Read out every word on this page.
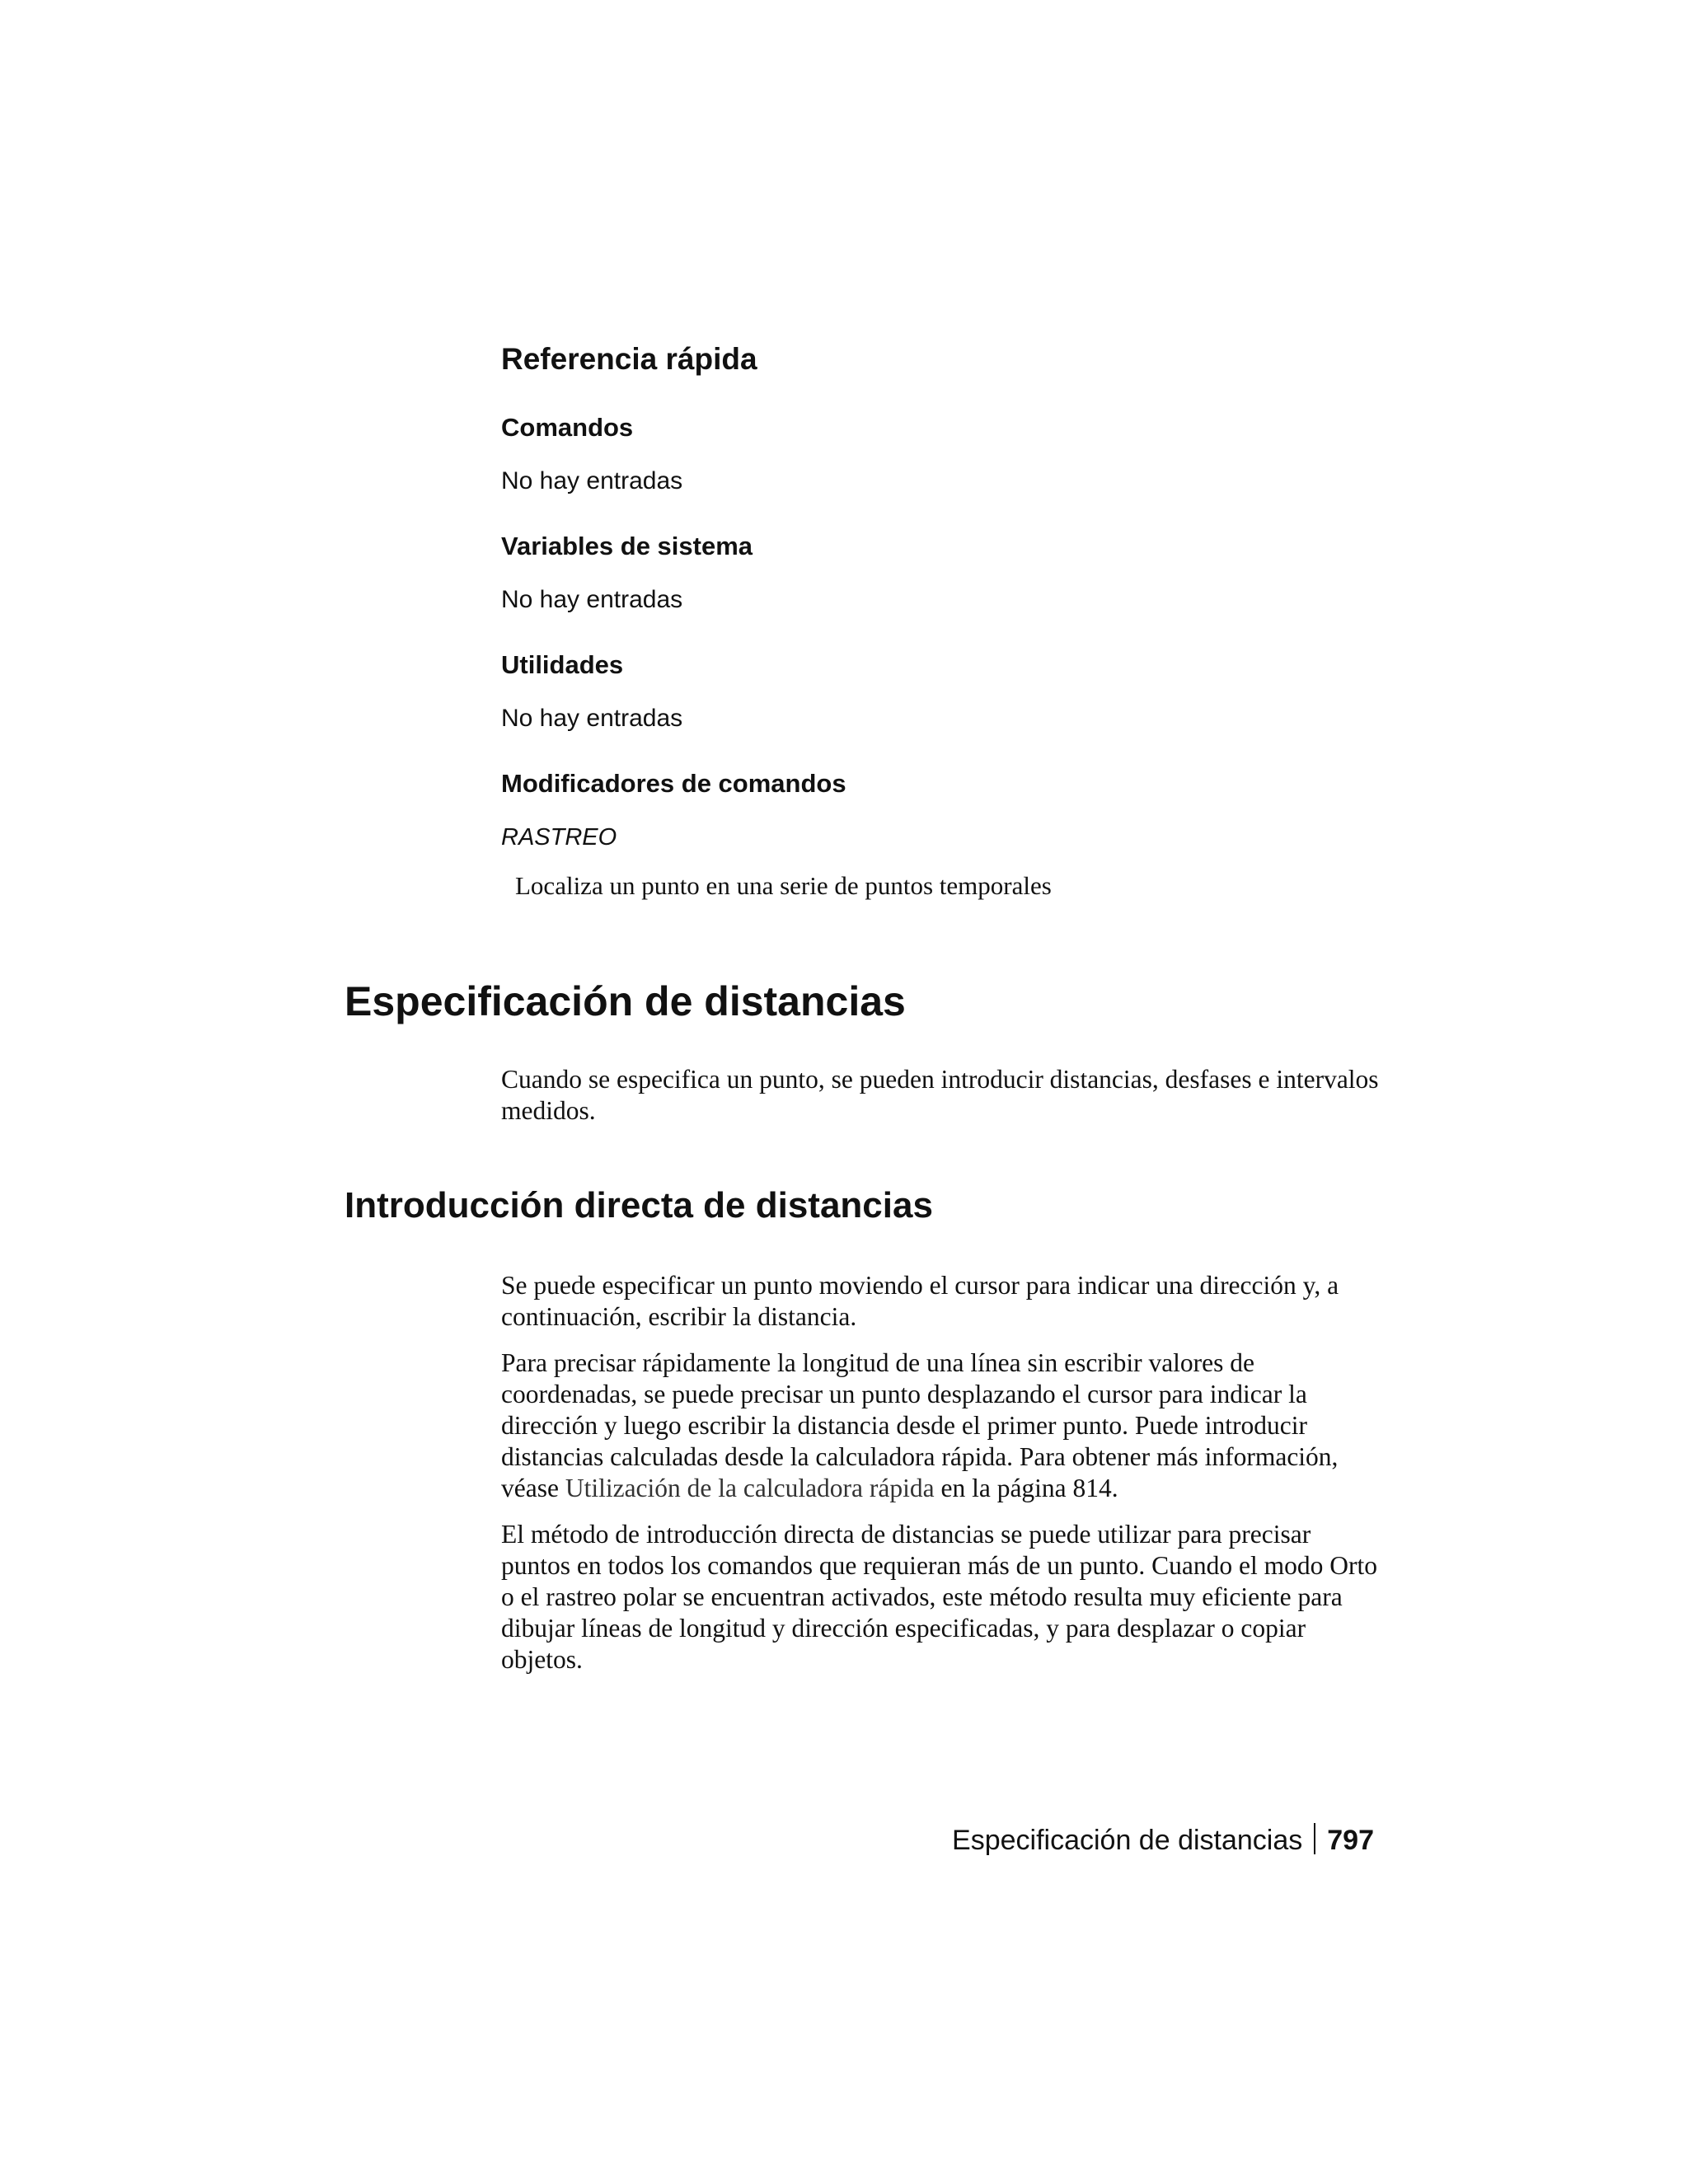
Referencia rápida
Comandos

No hay entradas

Variables de sistema

No hay entradas

Utilidades

No hay entradas

Modificadores de comandos

RASTREO

Localiza un punto en una serie de puntos temporales

Especificación de distancias

Cuando se especifica un punto, se pueden introducir distancias, desfases e intervalos medidos.

Introducción directa de distancias

Se puede especificar un punto moviendo el cursor para indicar una dirección y, a continuación, escribir la distancia.

Para precisar rápidamente la longitud de una línea sin escribir valores de coordenadas, se puede precisar un punto desplazando el cursor para indicar la dirección y luego escribir la distancia desde el primer punto. Puede introducir distancias calculadas desde la calculadora rápida. Para obtener más información, véase Utilización de la calculadora rápida en la página 814.

El método de introducción directa de distancias se puede utilizar para precisar puntos en todos los comandos que requieran más de un punto. Cuando el modo Orto o el rastreo polar se encuentran activados, este método resulta muy eficiente para dibujar líneas de longitud y dirección especificadas, y para desplazar o copiar objetos.

Especificación de distancias 797
